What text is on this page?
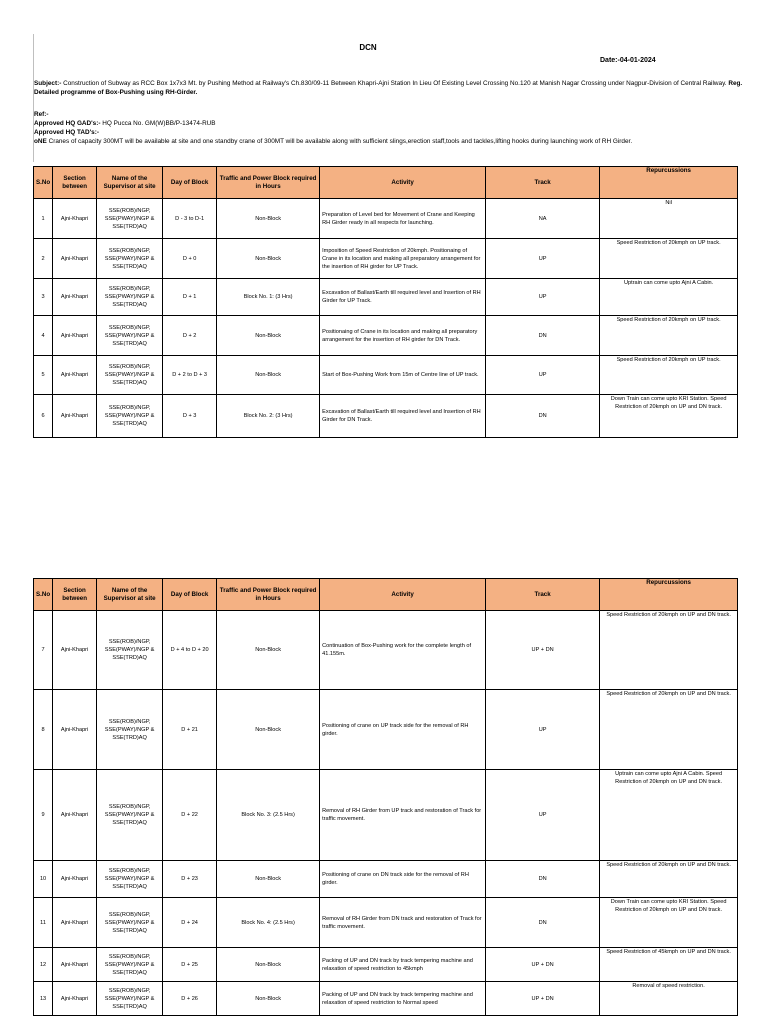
DCN
Date:-04-01-2024
Subject:- Construction of Subway as RCC Box 1x7x3 Mt. by Pushing Method at Railway's Ch.830/09-11 Between Khapri-Ajni Station In Lieu Of Existing Level Crossing No.120 at Manish Nagar Crossing under Nagpur-Division of Central Railway. Reg. Detailed programme of Box-Pushing using RH-Girder.
Ref:-
Approved HQ GAD's:- HQ Pucca No. GM(W)BB/P-13474-RUB
Approved HQ TAD's:-
oNE Cranes of capacity 300MT will be available at site and one standby crane of 300MT will be available along with sufficient slings,erection staff,tools and tackles,lifting hooks during launching work of RH Girder.
S.No	Section between	Name of the Supervisor at site	Day of Block	Traffic and Power Block required in Hours	Activity	Track	Repurcussions
1	Ajni-Khapri	SSE(ROB)/NGP, SSE(PWAY)/NGP & SSE(TRD)AQ	D - 3 to D-1	Non-Block	Preparation of Level bed for Movement of Crane and Keeping RH Girder ready in all respects for launching.	NA	Nil
2	Ajni-Khapri	SSE(ROB)/NGP, SSE(PWAY)/NGP & SSE(TRD)AQ	D + 0	Non-Block	Imposition of Speed Restriction of 20kmph. Positionaing of Crane in its location and making all preparatory arrangement for the insertion of RH girder for UP Track.	UP	Speed Restriction of 20kmph on UP track.
3	Ajni-Khapri	SSE(ROB)/NGP, SSE(PWAY)/NGP & SSE(TRD)AQ	D + 1	Block No. 1: (3 Hrs)	Excavation of Ballast/Earth till required level and Insertion of RH Girder for UP Track.	UP	Uptrain can come upto Ajni A Cabin.
4	Ajni-Khapri	SSE(ROB)/NGP, SSE(PWAY)/NGP & SSE(TRD)AQ	D + 2	Non-Block	Positionaing of Crane in its location and making all preparatory arrangement for the insertion of RH girder for DN Track.	DN	Speed Restriction of 20kmph on UP track.
5	Ajni-Khapri	SSE(ROB)/NGP, SSE(PWAY)/NGP & SSE(TRD)AQ	D + 2 to D + 3	Non-Block	Start of Box-Pushing Work from 15m of Centre line of UP track.	UP	Speed Restriction of 20kmph on UP track.
6	Ajni-Khapri	SSE(ROB)/NGP, SSE(PWAY)/NGP & SSE(TRD)AQ	D + 3	Block No. 2: (3 Hrs)	Excavation of Ballast/Earth till required level and Insertion of RH Girder for DN Track.	DN	Down Train can come upto KRI Station. Speed Restriction of 20kmph on UP and DN track.
S.No	Section between	Name of the Supervisor at site	Day of Block	Traffic and Power Block required in Hours	Activity	Track	Repurcussions
7	Ajni-Khapri	SSE(ROB)/NGP, SSE(PWAY)/NGP & SSE(TRD)AQ	D + 4 to D + 20	Non-Block	Continuation of Box-Pushing work for the complete length of 41.155m.	UP + DN	Speed Restriction of 20kmph on UP and DN track.
8	Ajni-Khapri	SSE(ROB)/NGP, SSE(PWAY)/NGP & SSE(TRD)AQ	D + 21	Non-Block	Positioning of crane on UP track side for the removal of RH girder.	UP	Speed Restriction of 20kmph on UP and DN track.
9	Ajni-Khapri	SSE(ROB)/NGP, SSE(PWAY)/NGP & SSE(TRD)AQ	D + 22	Block No. 3: (2.5 Hrs)	Removal of RH Girder from UP track and restoration of Track for traffic movement.	UP	Uptrain can come upto Ajni A Cabin. Speed Restriction of 20kmph on UP and DN track.
10	Ajni-Khapri	SSE(ROB)/NGP, SSE(PWAY)/NGP & SSE(TRD)AQ	D + 23	Non-Block	Positioning of crane on DN track side for the removal of RH girder.	DN	Speed Restriction of 20kmph on UP and DN track.
11	Ajni-Khapri	SSE(ROB)/NGP, SSE(PWAY)/NGP & SSE(TRD)AQ	D + 24	Block No. 4: (2.5 Hrs)	Removal of RH Girder from DN track and restoration of Track for traffic movement.	DN	Down Train can come upto KRI Station. Speed Restriction of 20kmph on UP and DN track.
12	Ajni-Khapri	SSE(ROB)/NGP, SSE(PWAY)/NGP & SSE(TRD)AQ	D + 25	Non-Block	Packing of UP and DN track by track tempering machine and relaxation of speed restriction to 45kmph	UP + DN	Speed Restriction of 45kmph on UP and DN track.
13	Ajni-Khapri	SSE(ROB)/NGP, SSE(PWAY)/NGP & SSE(TRD)AQ	D + 26	Non-Block	Packing of UP and DN track by track tempering machine and relaxation of speed restriction to Normal speed	UP + DN	Removal of speed restriction.
